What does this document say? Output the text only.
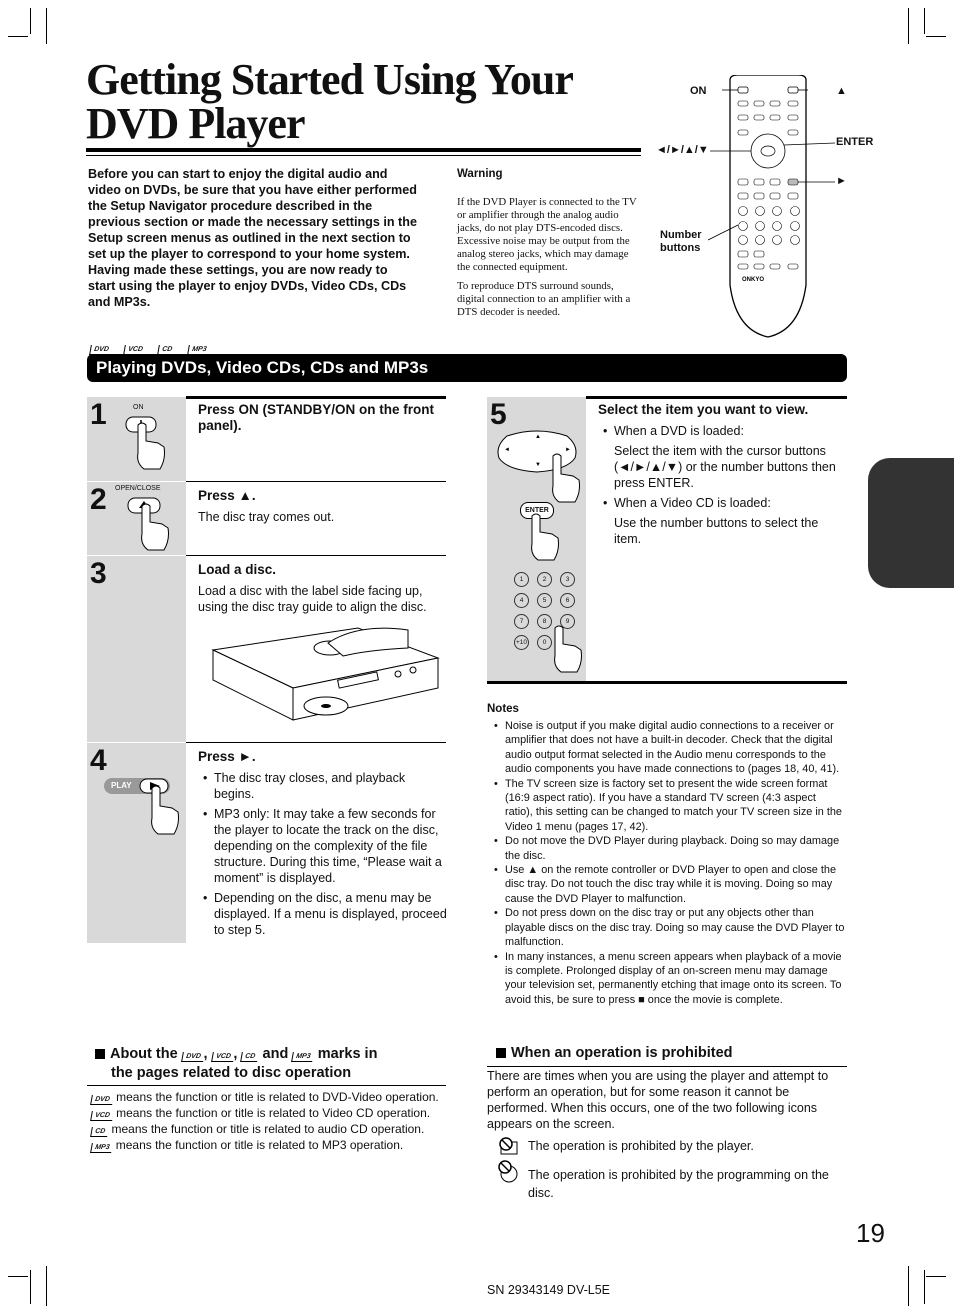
Getting Started Using Your
DVD Player
Before you can start to enjoy the digital audio and video on DVDs, be sure that you have either performed the Setup Navigator procedure described in the previous section or made the necessary settings in the Setup screen menus as outlined in the next section to set up the player to correspond to your home system. Having made these settings, you are now ready to start using the player to enjoy DVDs, Video CDs, CDs and MP3s.
Warning
If the DVD Player is connected to the TV or amplifier through the analog audio jacks, do not play DTS-encoded discs. Excessive noise may be output from the analog stereo jacks, which may damage the connected equipment.
To reproduce DTS surround sounds, digital connection to an amplifier with a DTS decoder is needed.
ONKYO
ON	▲
ENTER
◄/►/▲/▼
►
Number
buttons
DVD	VCD	CD	MP3
Playing DVDs, Video CDs, CDs and MP3s
1	ON	Press ON (STANDBY/ON on the front panel).
2 OPEN/CLOSE	Press ▲.
The disc tray comes out.
3	Load a disc.
Load a disc with the label side facing up, using the disc tray guide to align the disc.
4
PLAY
Press ►.
• The disc tray closes, and playback begins.
• MP3 only: It may take a few seconds for the player to locate the track on the disc, depending on the complexity of the file structure. During this time, “Please wait a moment” is displayed.
• Depending on the disc, a menu may be displayed. If a menu is displayed, proceed to step 5.
5
▲
▼
◄	►
ENTER
1	2	3 4	5	6 7	8	9 +10 0
Select the item you want to view.
• When a DVD is loaded:
Select the item with the cursor buttons (◄/►/▲/▼) or the number buttons then press ENTER.
• When a Video CD is loaded:
Use the number buttons to select the item.
Notes
• Noise is output if you make digital audio connections to a receiver or amplifier that does not have a built-in decoder. Check that the digital audio output format selected in the Audio menu corresponds to the audio components you have made connections to (pages 18, 40, 41).
• The TV screen size is factory set to present the wide screen format (16:9 aspect ratio). If you have a standard TV screen (4:3 aspect ratio), this setting can be changed to match your TV screen size in the Video 1 menu (pages 17, 42).
• Do not move the DVD Player during playback. Doing so may damage the disc.
• Use ▲ on the remote controller or DVD Player to open and close the disc tray. Do not touch the disc tray while it is moving. Doing so may cause the DVD Player to malfunction.
• Do not press down on the disc tray or put any objects other than playable discs on the disc tray. Doing so may cause the DVD Player to malfunction.
• In many instances, a menu screen appears when playback of a movie is complete. Prolonged display of an on-screen menu may damage your television set, permanently etching that image onto its screen. To avoid this, be sure to press ■ once the movie is complete.
About the DVD , VCD , CD and MP3 marks in
the pages related to disc operation
DVD means the function or title is related to DVD-Video operation.
VCD means the function or title is related to Video CD operation.
CD means the function or title is related to audio CD operation.
MP3 means the function or title is related to MP3 operation.
When an operation is prohibited
There are times when you are using the player and attempt to perform an operation, but for some reason it cannot be performed. When this occurs, one of the two following icons appears on the screen.
The operation is prohibited by the player.
The operation is prohibited by the programming on the disc.
19
SN 29343149 DV-L5E
